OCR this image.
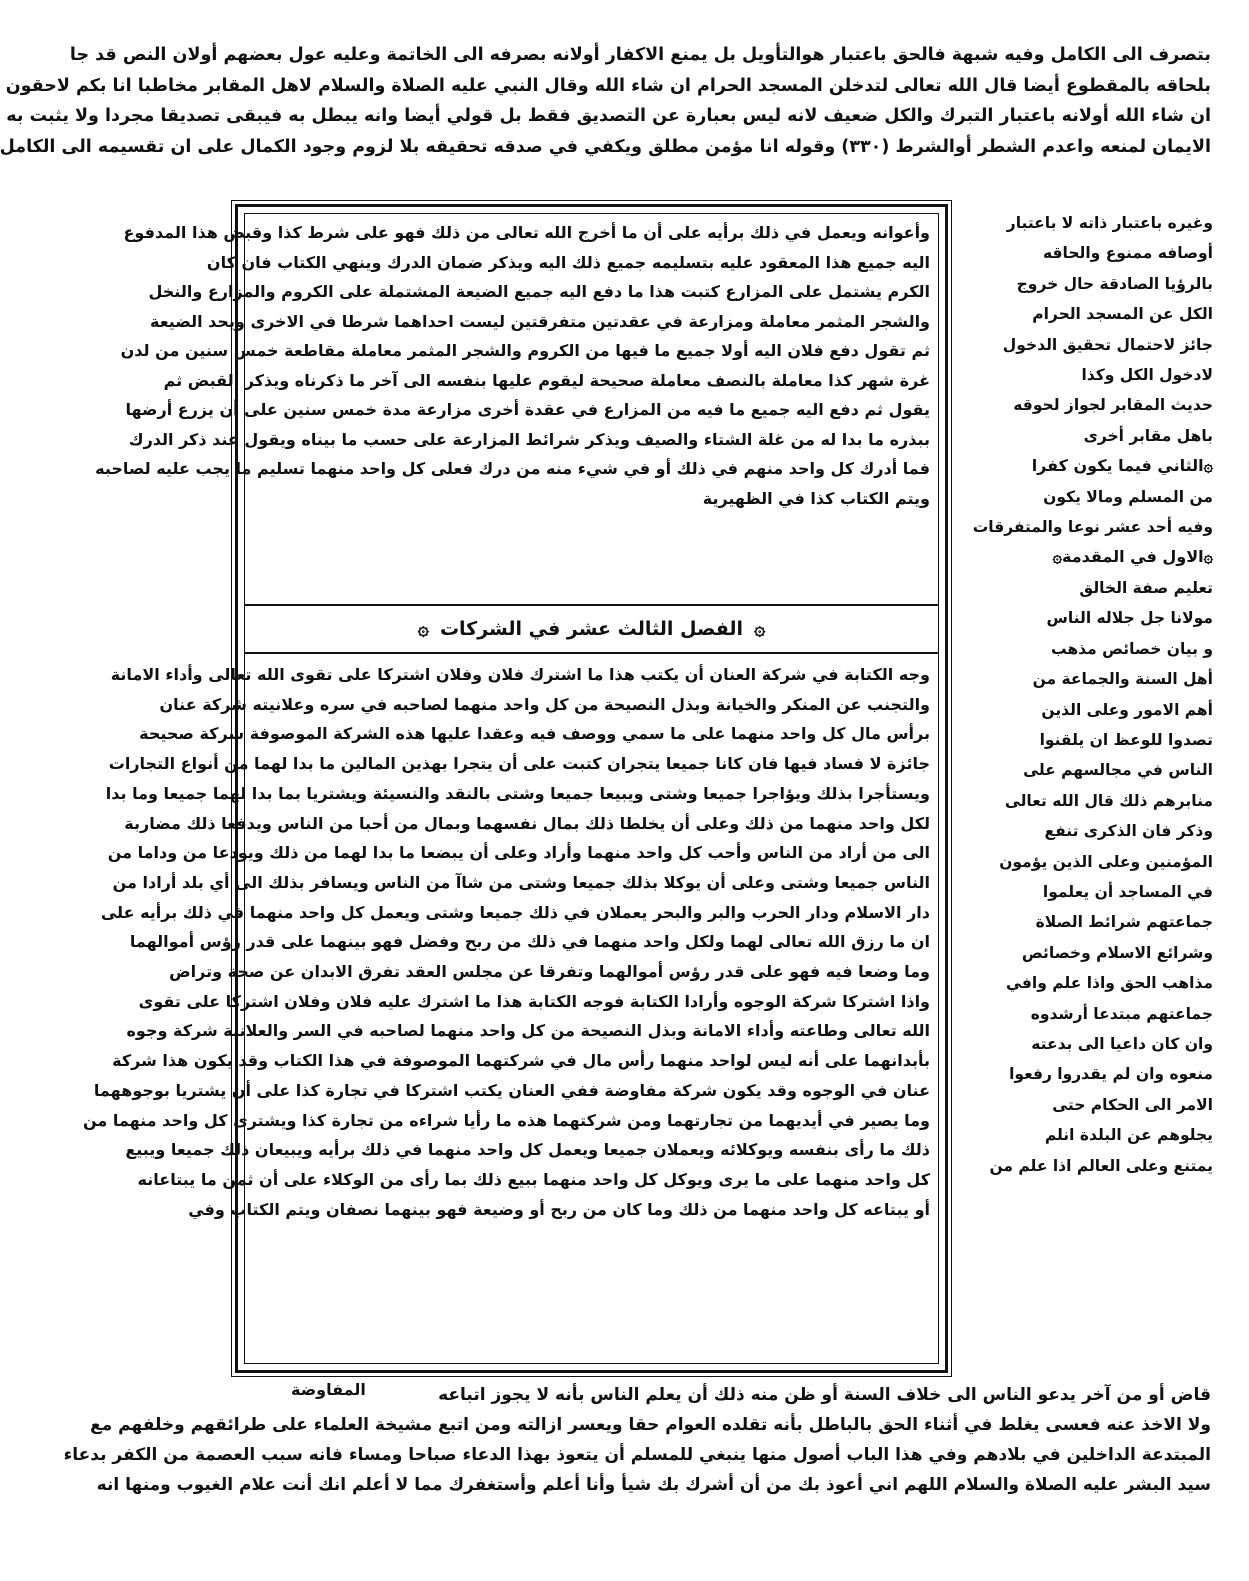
بتصرف الى الكامل وفيه شبهة فالحق باعتبار هوالتأويل بل يمنع الاكفار أولانه بصرفه الى الخاتمة وعليه عول بعضهم أولان النص قد جا
بلحاقه بالمقطوع أيضا قال الله تعالى لتدخلن المسجد الحرام ان شاء الله وقال النبي عليه الصلاة والسلام لاهل المقابر مخاطبا انا بكم لاحقون
ان شاء الله أولانه باعتبار التبرك والكل ضعيف لانه ليس بعبارة عن التصديق فقط بل قولي أيضا وانه يبطل به فيبقى تصديقا مجردا ولا يثبت به
الايمان لمنعه واعدم الشطر أوالشرط (٣٣٠) وقوله انا مؤمن مطلق ويكفي في صدقه تحقيقه بلا لزوم وجود الكمال على ان تقسيمه الى الكامل
وأعوانه ويعمل في ذلك برأيه على أن ما أخرج الله تعالى من ذلك فهو على شرط كذا وقبض هذا المدفوع
اليه جميع هذا المعقود عليه بتسليمه جميع ذلك اليه ويذكر ضمان الدرك وينهي الكتاب فان كان
الكرم يشتمل على المزارع كتبت هذا ما دفع اليه جميع الضيعة المشتملة على الكروم والمزارع والنخل
والشجر المثمر معاملة ومزارعة في عقدتين متفرقتين ليست احداهما شرطا في الاخرى ويحد الضيعة
ثم تقول دفع فلان اليه أولا جميع ما فيها من الكروم والشجر المثمر معاملة مقاطعة خمس سنين من لدن
غرة شهر كذا معاملة بالنصف معاملة صحيحة ليقوم عليها بنفسه الى آخر ما ذكرناه ويذكر القبض ثم
يقول ثم دفع اليه جميع ما فيه من المزارع في عقدة أخرى مزارعة مدة خمس سنين على أن يزرع أرضها
ببذره ما بدا له من غلة الشتاء والصيف ويذكر شرائط المزارعة على حسب ما بيناه ويقول عند ذكر الدرك
فما أدرك كل واحد منهم في ذلك أو في شيء منه من درك فعلى كل واحد منهما تسليم ما يجب عليه لصاحبه
ويتم الكتاب كذا في الظهيرية
۞ الفصل الثالث عشر في الشركات ۞
وجه الكتابة في شركة العنان أن يكتب هذا ما اشترك فلان وفلان اشتركا على تقوى الله تعالى وأداء الامانة
والتجنب عن المنكر والخيانة وبذل النصيحة من كل واحد منهما لصاحبه في سره وعلانيته شركة عنان
برأس مال كل واحد منهما على ما سمي ووصف فيه وعقدا عليها هذه الشركة الموصوفة شركة صحيحة
جائزة لا فساد فيها فان كانا جميعا يتجران كتبت على أن يتجرا بهذين المالين ما بدا لهما من أنواع التجارات
ويستأجرا بذلك ويؤاجرا جميعا وشتى ويبيعا جميعا وشتى بالنقد والنسيئة ويشتريا بما بدا لهما جميعا وما بدا
لكل واحد منهما من ذلك وعلى أن يخلطا ذلك بمال نفسهما وبمال من أحبا من الناس ويدفعا ذلك مضاربة
الى من أراد من الناس وأحب كل واحد منهما وأراد وعلى أن يبضعا ما بدا لهما من ذلك ويودعا من وداما من
الناس جميعا وشتى وعلى أن يوكلا بذلك جميعا وشتى من شاآ من الناس ويسافر بذلك الى أي بلد أرادا من
دار الاسلام ودار الحرب والبر والبحر يعملان في ذلك جميعا وشتى ويعمل كل واحد منهما في ذلك برأيه على
ان ما رزق الله تعالى لهما ولكل واحد منهما في ذلك من ربح وفضل فهو بينهما على قدر رؤس أموالهما
وما وضعا فيه فهو على قدر رؤس أموالهما وتفرقا عن مجلس العقد تفرق الابدان عن صحة وتراض
واذا اشتركا شركة الوجوه وأرادا الكتابة فوجه الكتابة هذا ما اشترك عليه فلان وفلان اشتركا على تقوى
الله تعالى وطاعته وأداء الامانة وبذل النصيحة من كل واحد منهما لصاحبه في السر والعلانية شركة وجوه
بأبدانهما على أنه ليس لواحد منهما رأس مال في شركتهما الموصوفة في هذا الكتاب وقد يكون هذا شركة
عنان في الوجوه وقد يكون شركة مفاوضة ففي العنان يكتب اشتركا في تجارة كذا على أن يشتريا بوجوههما
وما يصير في أيديهما من تجارتهما ومن شركتهما هذه ما رأيا شراءه من تجارة كذا ويشترى كل واحد منهما من
ذلك ما رأى بنفسه ويوكلائه ويعملان جميعا ويعمل كل واحد منهما في ذلك برأيه ويبيعان ذلك جميعا ويبيع
كل واحد منهما على ما يرى ويوكل كل واحد منهما ببيع ذلك بما رأى من الوكلاء على أن ثمن ما يبتاعانه
أو يبتاعه كل واحد منهما من ذلك وما كان من ربح أو وضيعة فهو بينهما نصفان ويتم الكتاب وفي
وغيره باعتبار ذاته لا باعتبار
أوصافه ممنوع والحاقه
بالرؤيا الصادقة حال خروج
الكل عن المسجد الحرام
جائز لاحتمال تحقيق الدخول
لادخول الكل وكذا
حديث المقابر لجواز لحوقه
باهل مقابر أخرى
۞الثاني فيما يكون كفرا
من المسلم ومالا يكون
وفيه أحد عشر نوعا والمتفرقات
۞الاول في المقدمة۞
تعليم صفة الخالق
مولانا جل جلاله الناس
و بيان خصائص مذهب
أهل السنة والجماعة من
أهم الامور وعلى الذين
تصدوا للوعظ ان يلقنوا
الناس في مجالسهم على
منابرهم ذلك قال الله تعالى
وذكر فان الذكرى تنفع
المؤمنين وعلى الذين يؤمون
في المساجد أن يعلموا
جماعتهم شرائط الصلاة
وشرائع الاسلام وخصائص
مذاهب الحق واذا علم وافي
جماعتهم مبتدعا أرشدوه
وان كان داعيا الى بدعته
منعوه وان لم يقدروا رفعوا
الامر الى الحكام حتى
يجلوهم عن البلدة انلم
يمتنع وعلى العالم اذا علم من
المفاوضة	قاض أو من آخر يدعو الناس الى خلاف السنة أو ظن منه ذلك أن يعلم الناس بأنه لا يجوز اتباعه
ولا الاخذ عنه فعسى يغلط في أثناء الحق بالباطل بأنه تقلده العوام حقا ويعسر ازالته ومن اتبع مشيخة العلماء على طرائقهم وخلفهم مع
المبتدعة الداخلين في بلادهم وفي هذا الباب أصول منها ينبغي للمسلم أن يتعوذ بهذا الدعاء صباحا ومساء فانه سبب العصمة من الكفر بدعاء
سيد البشر عليه الصلاة والسلام اللهم اني أعوذ بك من أن أشرك بك شيأ وأنا أعلم وأستغفرك مما لا أعلم انك أنت علام الغيوب ومنها انه
